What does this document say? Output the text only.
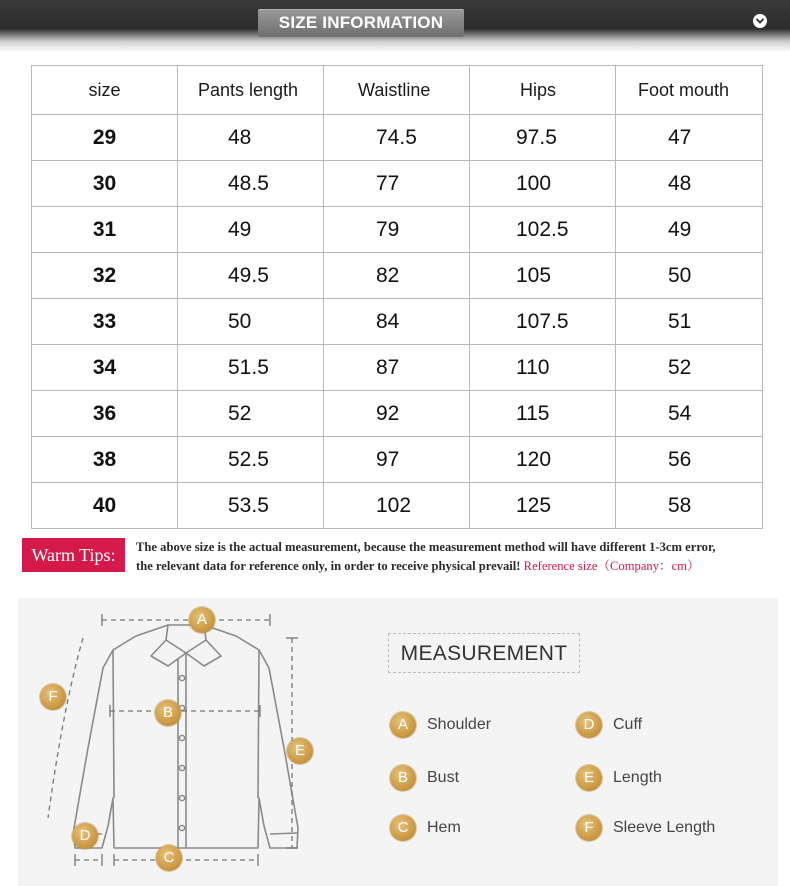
SIZE INFORMATION
size	Pants length	Waistline	Hips	Foot mouth
29	48	74.5	97.5	47
30	48.5	77	100	48
31	49	79	102.5	49
32	49.5	82	105	50
33	50	84	107.5	51
34	51.5	87	110	52
36	52	92	115	54
38	52.5	97	120	56
40	53.5	102	125	58
Warm Tips:	The above size is the actual measurement, because the measurement method will have different 1-3cm error,
the relevant data for reference only, in order to receive physical prevail! Reference size（Company：cm）
A
B
C
D
E
F
MEASUREMENT
A	Shoulder
B	Bust
C	Hem
D	Cuff
E	Length
F	Sleeve Length
